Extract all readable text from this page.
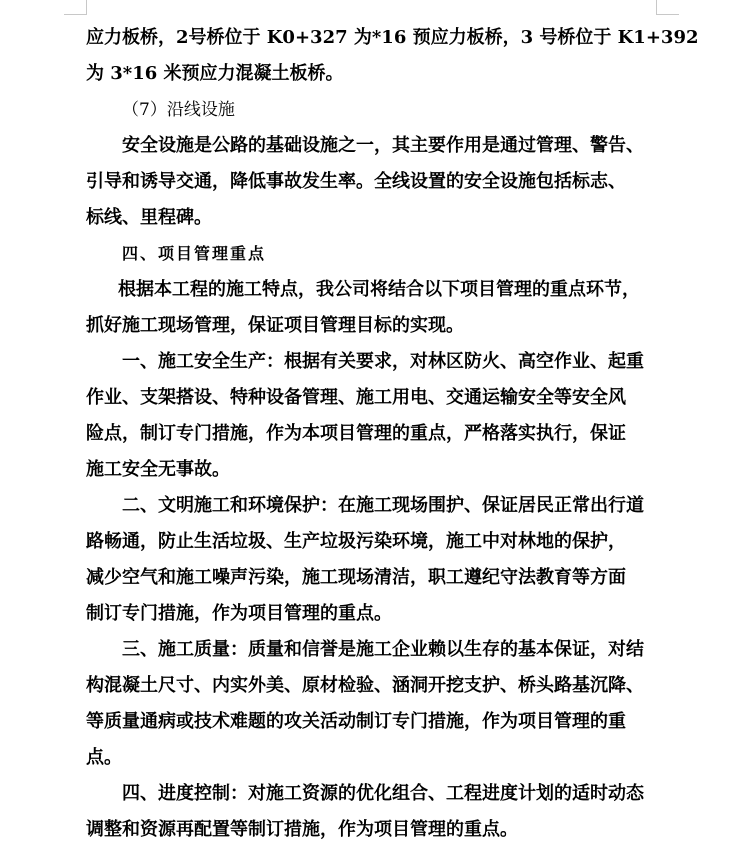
应力板桥，2号桥位于 K0+327 为*16 预应力板桥，3 号桥位于 K1+392
为 3*16 米预应力混凝土板桥。
（7）沿线设施
安全设施是公路的基础设施之一，其主要作用是通过管理、警告、
引导和诱导交通，降低事故发生率。全线设置的安全设施包括标志、
标线、里程碑。
四、项目管理重点
根据本工程的施工特点，我公司将结合以下项目管理的重点环节，
抓好施工现场管理，保证项目管理目标的实现。
一、施工安全生产：根据有关要求，对林区防火、高空作业、起重
作业、支架搭设、特种设备管理、施工用电、交通运输安全等安全风
险点，制订专门措施，作为本项目管理的重点，严格落实执行，保证
施工安全无事故。
二、文明施工和环境保护：在施工现场围护、保证居民正常出行道
路畅通，防止生活垃圾、生产垃圾污染环境，施工中对林地的保护，
减少空气和施工噪声污染，施工现场清洁，职工遵纪守法教育等方面
制订专门措施，作为项目管理的重点。
三、施工质量：质量和信誉是施工企业赖以生存的基本保证，对结
构混凝土尺寸、内实外美、原材检验、涵洞开挖支护、桥头路基沉降、
等质量通病或技术难题的攻关活动制订专门措施，作为项目管理的重
点。
四、进度控制：对施工资源的优化组合、工程进度计划的适时动态
调整和资源再配置等制订措施，作为项目管理的重点。
